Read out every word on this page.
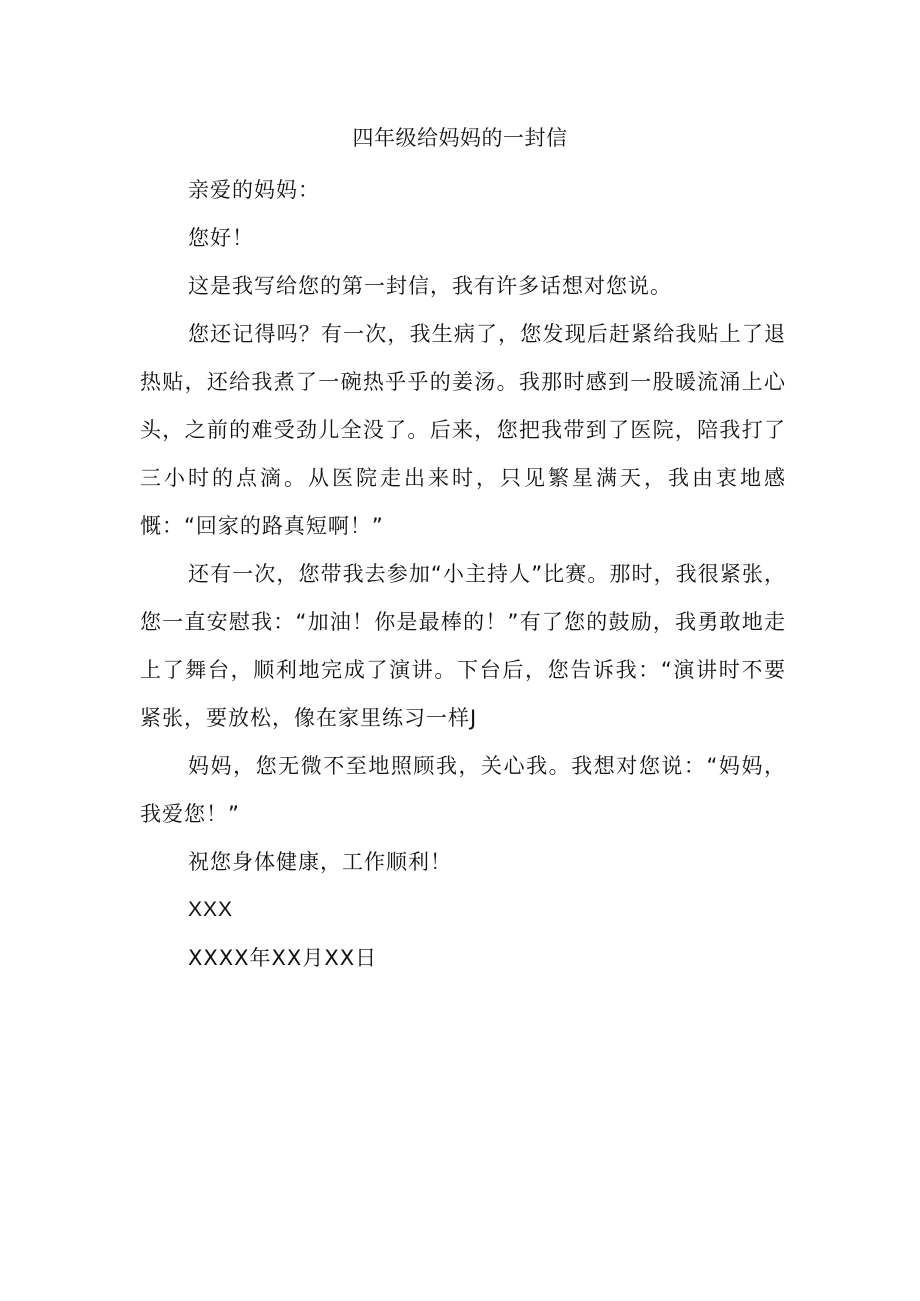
四年级给妈妈的一封信

亲爱的妈妈：

您好！

这是我写给您的第一封信，我有许多话想对您说。

您还记得吗？有一次，我生病了，您发现后赶紧给我贴上了退热贴，还给我煮了一碗热乎乎的姜汤。我那时感到一股暖流涌上心头，之前的难受劲儿全没了。后来，您把我带到了医院，陪我打了三小时的点滴。从医院走出来时，只见繁星满天，我由衷地感慨：“回家的路真短啊！”

还有一次，您带我去参加“小主持人”比赛。那时，我很紧张，您一直安慰我：“加油！你是最棒的！”有了您的鼓励，我勇敢地走上了舞台，顺利地完成了演讲。下台后，您告诉我：“演讲时不要紧张，要放松，像在家里练习一样J

妈妈，您无微不至地照顾我，关心我。我想对您说：“妈妈，我爱您！”

祝您身体健康，工作顺利！

XXX

XXXX年XX月XX日
